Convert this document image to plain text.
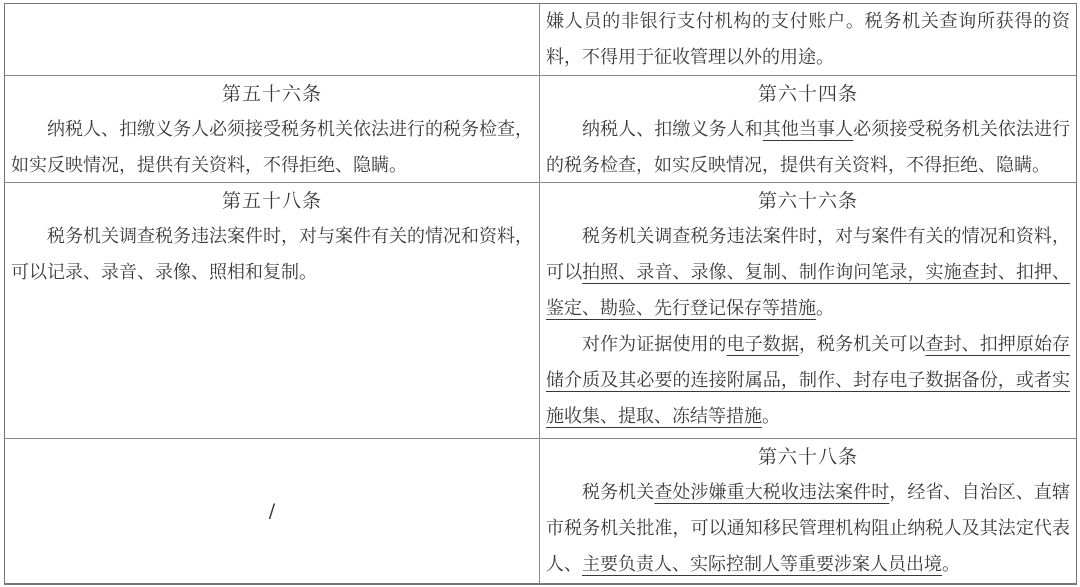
嫌人员的非银行支付机构的支付账户。税务机关查询所获得的资料，不得用于征收管理以外的用途。
第五十六条
纳税人、扣缴义务人必须接受税务机关依法进行的税务检查，如实反映情况，提供有关资料，不得拒绝、隐瞒。
第六十四条
纳税人、扣缴义务人和其他当事人必须接受税务机关依法进行的税务检查，如实反映情况，提供有关资料，不得拒绝、隐瞒。
第五十八条
税务机关调查税务违法案件时，对与案件有关的情况和资料，可以记录、录音、录像、照相和复制。
第六十六条
税务机关调查税务违法案件时，对与案件有关的情况和资料，可以拍照、录音、录像、复制、制作询问笔录，实施查封、扣押、鉴定、勘验、先行登记保存等措施。
对作为证据使用的电子数据，税务机关可以查封、扣押原始存储介质及其必要的连接附属品，制作、封存电子数据备份，或者实施收集、提取、冻结等措施。
/
第六十八条
税务机关查处涉嫌重大税收违法案件时，经省、自治区、直辖市税务机关批准，可以通知移民管理机构阻止纳税人及其法定代表人、主要负责人、实际控制人等重要涉案人员出境。
